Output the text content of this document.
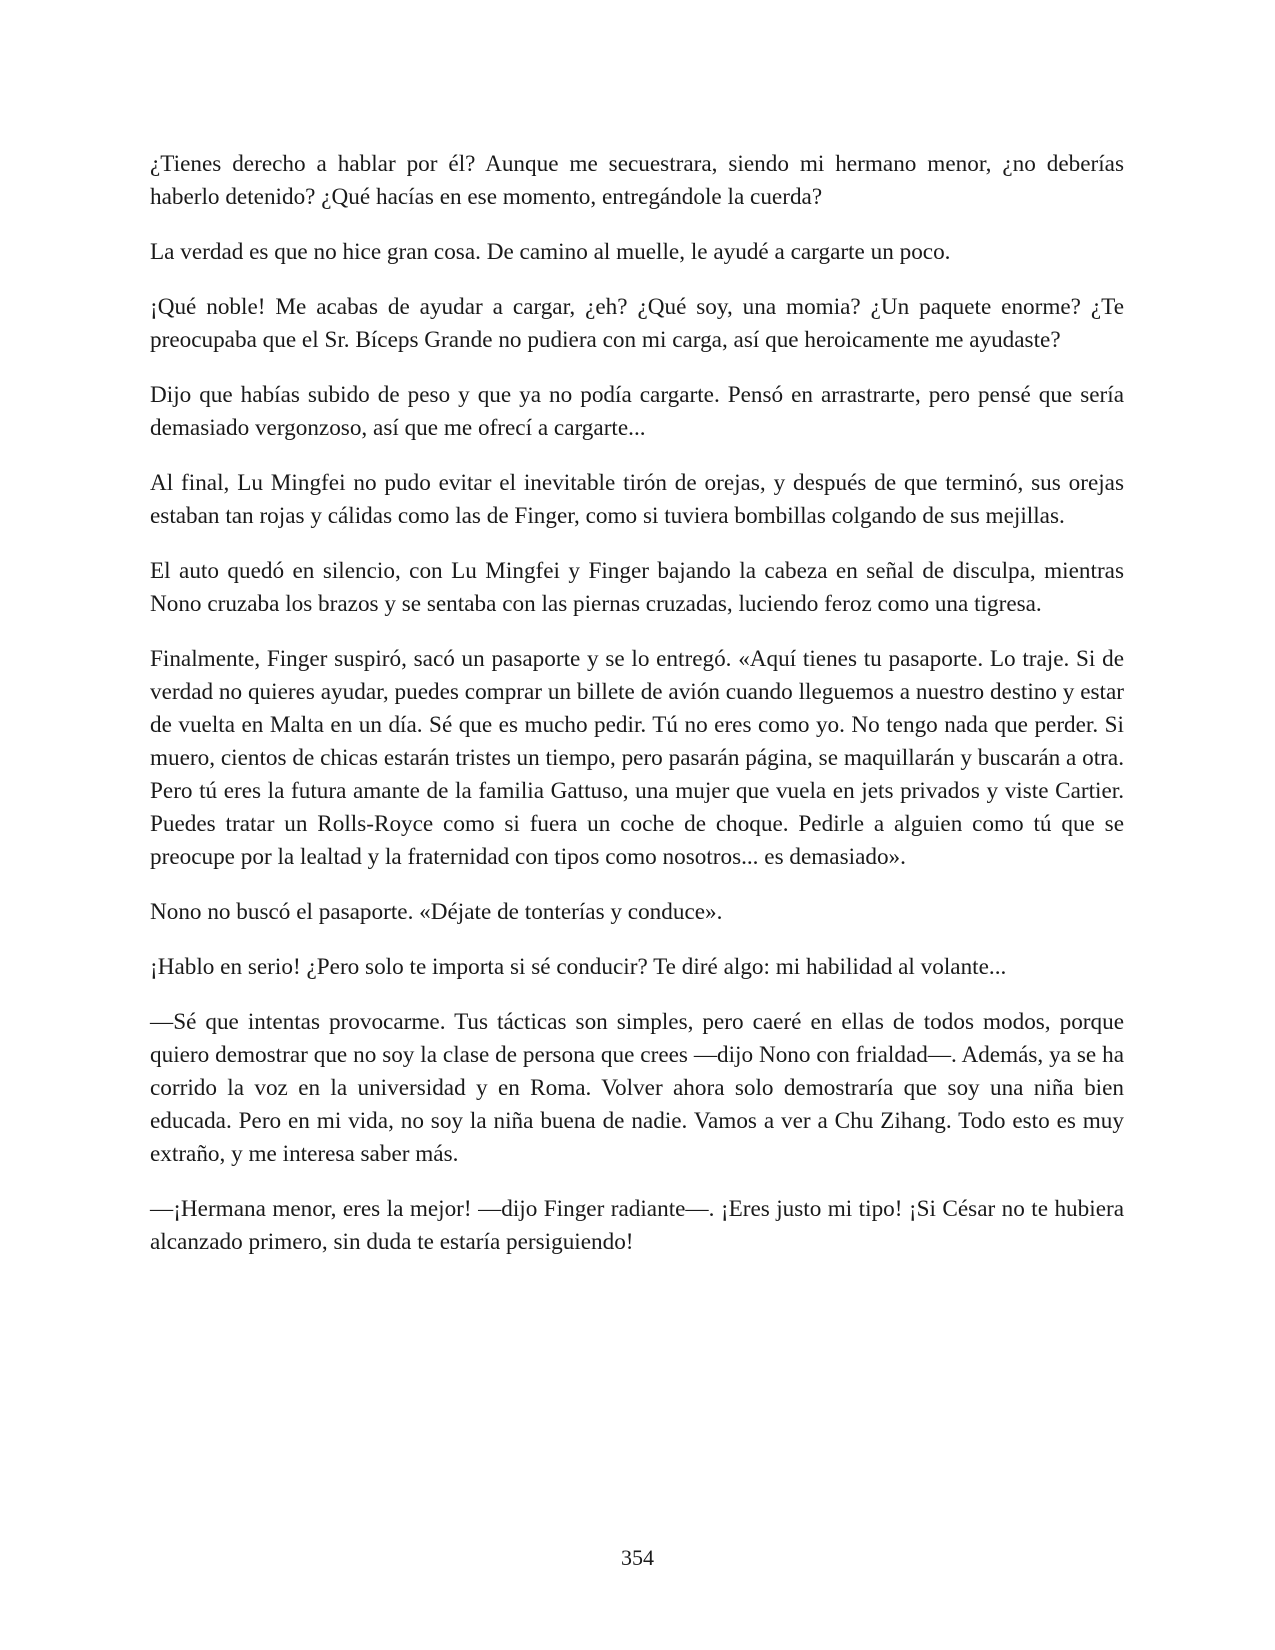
¿Tienes derecho a hablar por él? Aunque me secuestrara, siendo mi hermano menor, ¿no deberías haberlo detenido? ¿Qué hacías en ese momento, entregándole la cuerda?

La verdad es que no hice gran cosa. De camino al muelle, le ayudé a cargarte un poco.

¡Qué noble! Me acabas de ayudar a cargar, ¿eh? ¿Qué soy, una momia? ¿Un paquete enorme? ¿Te preocupaba que el Sr. Bíceps Grande no pudiera con mi carga, así que heroicamente me ayudaste?

Dijo que habías subido de peso y que ya no podía cargarte. Pensó en arrastrarte, pero pensé que sería demasiado vergonzoso, así que me ofrecí a cargarte...

Al final, Lu Mingfei no pudo evitar el inevitable tirón de orejas, y después de que terminó, sus orejas estaban tan rojas y cálidas como las de Finger, como si tuviera bombillas colgando de sus mejillas.

El auto quedó en silencio, con Lu Mingfei y Finger bajando la cabeza en señal de disculpa, mientras Nono cruzaba los brazos y se sentaba con las piernas cruzadas, luciendo feroz como una tigresa.

Finalmente, Finger suspiró, sacó un pasaporte y se lo entregó. «Aquí tienes tu pasaporte. Lo traje. Si de verdad no quieres ayudar, puedes comprar un billete de avión cuando lleguemos a nuestro destino y estar de vuelta en Malta en un día. Sé que es mucho pedir. Tú no eres como yo. No tengo nada que perder. Si muero, cientos de chicas estarán tristes un tiempo, pero pasarán página, se maquillarán y buscarán a otra. Pero tú eres la futura amante de la familia Gattuso, una mujer que vuela en jets privados y viste Cartier. Puedes tratar un Rolls-Royce como si fuera un coche de choque. Pedirle a alguien como tú que se preocupe por la lealtad y la fraternidad con tipos como nosotros... es demasiado».

Nono no buscó el pasaporte. «Déjate de tonterías y conduce».

¡Hablo en serio! ¿Pero solo te importa si sé conducir? Te diré algo: mi habilidad al volante...

—Sé que intentas provocarme. Tus tácticas son simples, pero caeré en ellas de todos modos, porque quiero demostrar que no soy la clase de persona que crees —dijo Nono con frialdad—. Además, ya se ha corrido la voz en la universidad y en Roma. Volver ahora solo demostraría que soy una niña bien educada. Pero en mi vida, no soy la niña buena de nadie. Vamos a ver a Chu Zihang. Todo esto es muy extraño, y me interesa saber más.

—¡Hermana menor, eres la mejor! —dijo Finger radiante—. ¡Eres justo mi tipo! ¡Si César no te hubiera alcanzado primero, sin duda te estaría persiguiendo!

354
